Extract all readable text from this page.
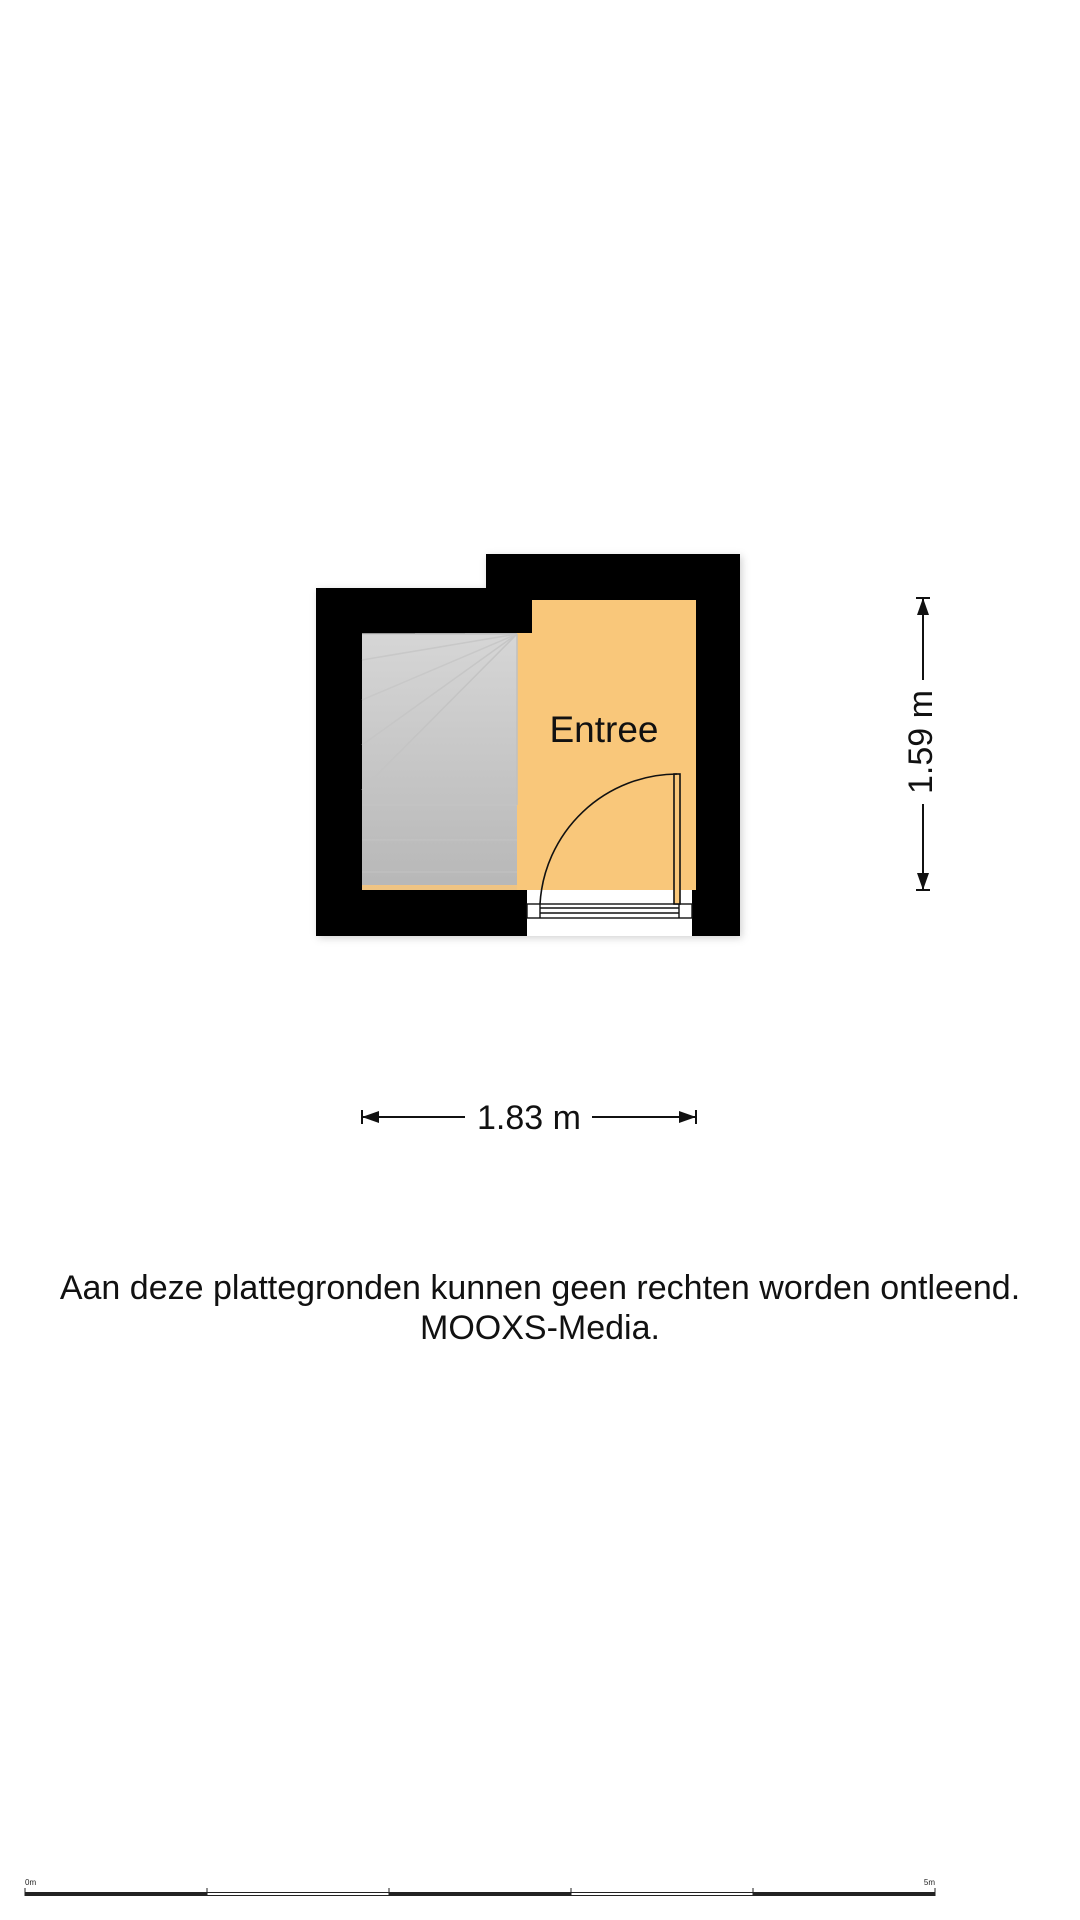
Entree	1.59 m
1.83 m
0m	5m
Aan deze plattegronden kunnen geen rechten worden ontleend.
MOOXS-Media.
